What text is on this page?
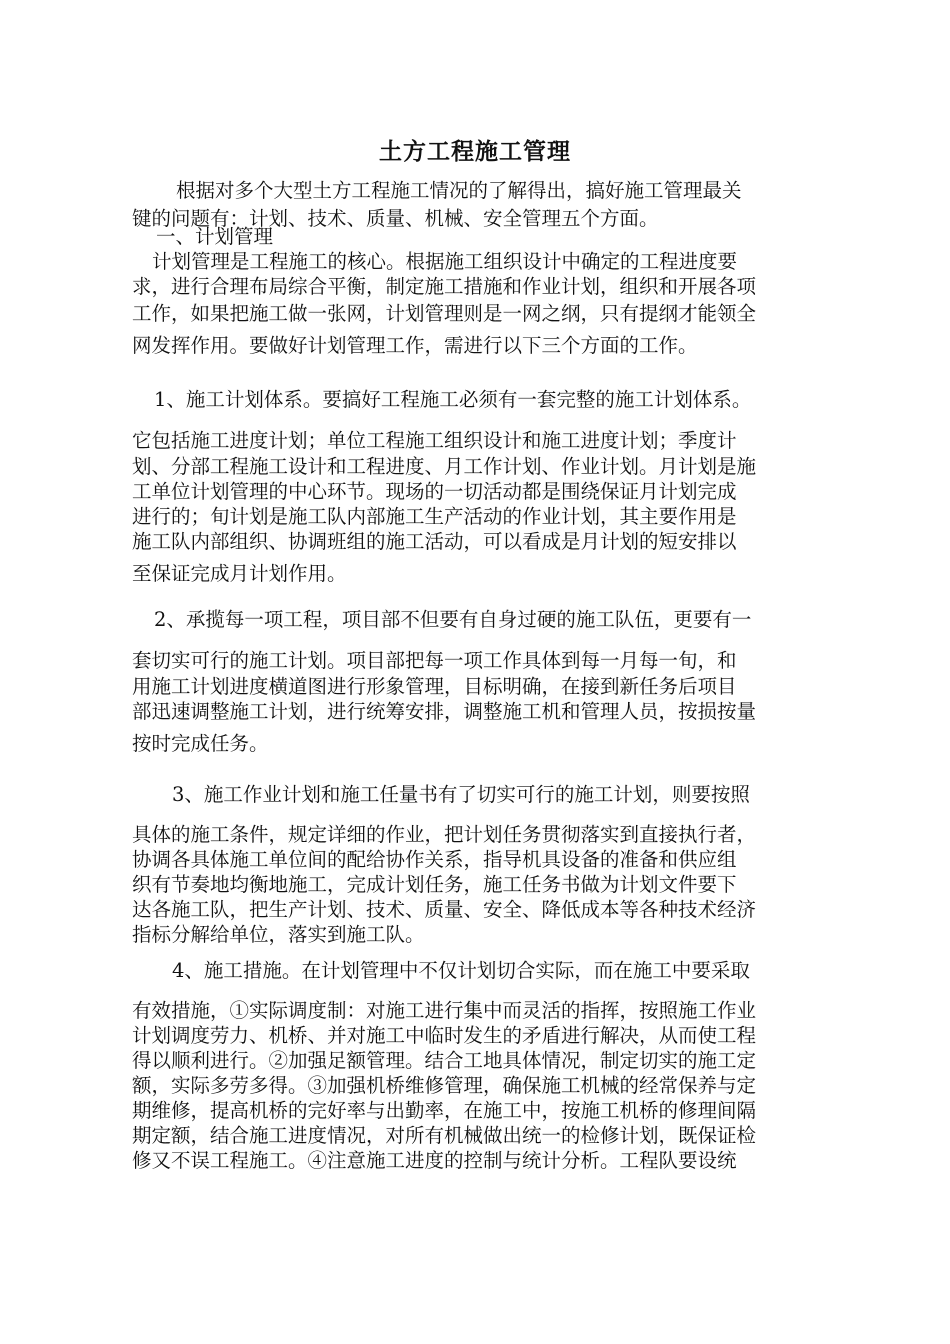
土方工程施工管理
根据对多个大型土方工程施工情况的了解得出，搞好施工管理最关
键的问题有：计划、技术、质量、机械、安全管理五个方面。
一、计划管理
计划管理是工程施工的核心。根据施工组织设计中确定的工程进度要
求，进行合理布局综合平衡，制定施工措施和作业计划，组织和开展各项
工作，如果把施工做一张网，计划管理则是一网之纲，只有提纲才能领全
网发挥作用。要做好计划管理工作，需进行以下三个方面的工作。
1、施工计划体系。要搞好工程施工必须有一套完整的施工计划体系。
它包括施工进度计划；单位工程施工组织设计和施工进度计划；季度计
划、分部工程施工设计和工程进度、月工作计划、作业计划。月计划是施
工单位计划管理的中心环节。现场的一切活动都是围绕保证月计划完成
进行的；旬计划是施工队内部施工生产活动的作业计划，其主要作用是
施工队内部组织、协调班组的施工活动，可以看成是月计划的短安排以
至保证完成月计划作用。
2、承揽每一项工程，项目部不但要有自身过硬的施工队伍，更要有一
套切实可行的施工计划。项目部把每一项工作具体到每一月每一旬，和
用施工计划进度横道图进行形象管理，目标明确，在接到新任务后项目
部迅速调整施工计划，进行统筹安排，调整施工机和管理人员，按损按量
按时完成任务。
3、施工作业计划和施工任量书有了切实可行的施工计划，则要按照
具体的施工条件，规定详细的作业，把计划任务贯彻落实到直接执行者，
协调各具体施工单位间的配给协作关系，指导机具设备的准备和供应组
织有节奏地均衡地施工，完成计划任务，施工任务书做为计划文件要下
达各施工队，把生产计划、技术、质量、安全、降低成本等各种技术经济
指标分解给单位，落实到施工队。
4、施工措施。在计划管理中不仅计划切合实际，而在施工中要采取
有效措施，①实际调度制：对施工进行集中而灵活的指挥，按照施工作业
计划调度劳力、机桥、并对施工中临时发生的矛盾进行解决，从而使工程
得以顺利进行。②加强足额管理。结合工地具体情况，制定切实的施工定
额，实际多劳多得。③加强机桥维修管理，确保施工机械的经常保养与定
期维修，提高机桥的完好率与出勤率，在施工中，按施工机桥的修理间隔
期定额，结合施工进度情况，对所有机械做出统一的检修计划，既保证检
修又不误工程施工。④注意施工进度的控制与统计分析。工程队要设统
